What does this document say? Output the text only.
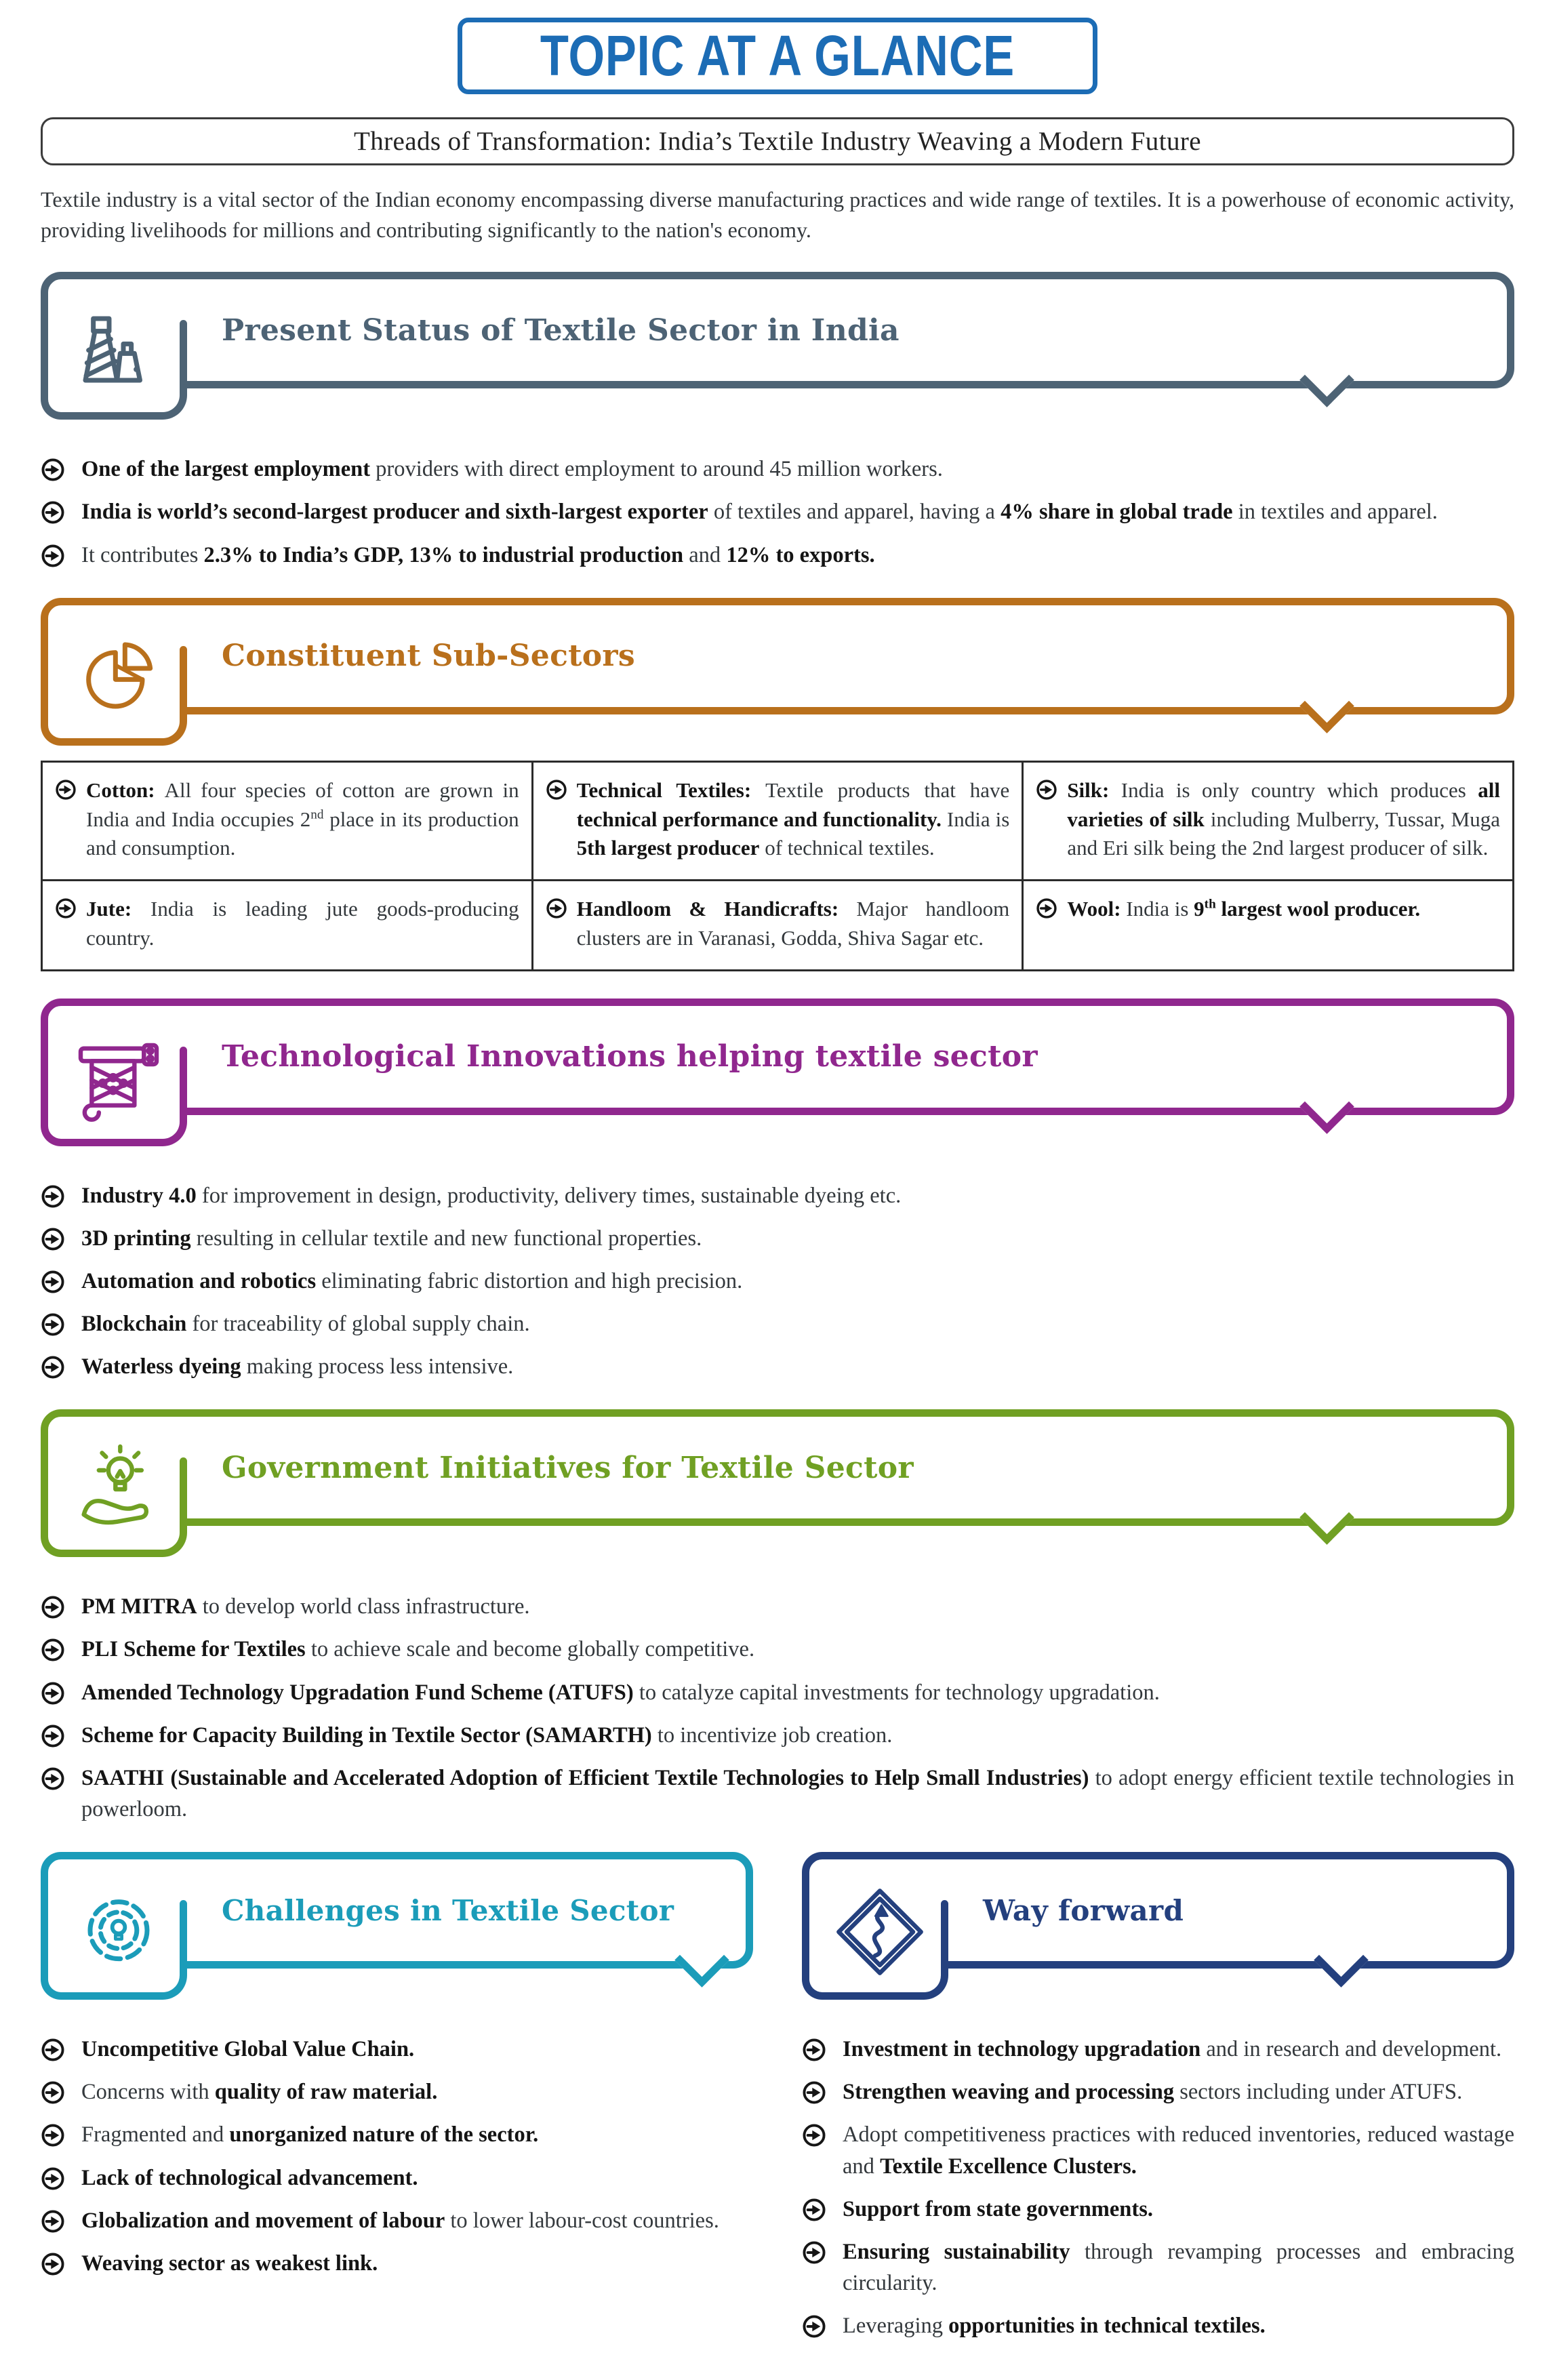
TOPIC AT A GLANCE
Threads of Transformation: India’s Textile Industry Weaving a Modern Future

Textile industry is a vital sector of the Indian economy encompassing diverse manufacturing practices and wide range of textiles. It is a powerhouse of economic activity, providing livelihoods for millions and contributing significantly to the nation's economy.

Present Status of Textile Sector in India

One of the largest employment providers with direct employment to around 45 million workers.

India is world’s second-largest producer and sixth-largest exporter of textiles and apparel, having a 4% share in global trade in textiles and apparel.

It contributes 2.3% to India’s GDP, 13% to industrial production and 12% to exports.

Constituent Sub-Sectors

Cotton: All four species of cotton are grown in India and India occupies 2nd place in its production and consumption.	Technical Textiles: Textile products that have technical performance and functionality. India is 5th largest producer of technical textiles.	Silk: India is only country which produces all varieties of silk including Mulberry, Tussar, Muga and Eri silk being the 2nd largest producer of silk.

Jute: India is leading jute goods-producing country.	Handloom & Handicrafts: Major handloom clusters are in Varanasi, Godda, Shiva Sagar etc.	Wool: India is 9th largest wool producer.

Technological Innovations helping textile sector

Industry 4.0 for improvement in design, productivity, delivery times, sustainable dyeing etc.

3D printing resulting in cellular textile and new functional properties.

Automation and robotics eliminating fabric distortion and high precision.

Blockchain for traceability of global supply chain.

Waterless dyeing making process less intensive.

Government Initiatives for Textile Sector

PM MITRA to develop world class infrastructure.

PLI Scheme for Textiles to achieve scale and become globally competitive.

Amended Technology Upgradation Fund Scheme (ATUFS) to catalyze capital investments for technology upgradation.

Scheme for Capacity Building in Textile Sector (SAMARTH) to incentivize job creation.

SAATHI (Sustainable and Accelerated Adoption of Efficient Textile Technologies to Help Small Industries) to adopt energy efficient textile technologies in powerloom.

Challenges in Textile Sector

Uncompetitive Global Value Chain.

Concerns with quality of raw material.

Fragmented and unorganized nature of the sector.

Lack of technological advancement.

Globalization and movement of labour to lower labour-cost countries.

Weaving sector as weakest link.

Way forward

Investment in technology upgradation and in research and development.

Strengthen weaving and processing sectors including under ATUFS.

Adopt competitiveness practices with reduced inventories, reduced wastage and Textile Excellence Clusters.

Support from state governments.

Ensuring sustainability through revamping processes and embracing circularity.

Leveraging opportunities in technical textiles.
